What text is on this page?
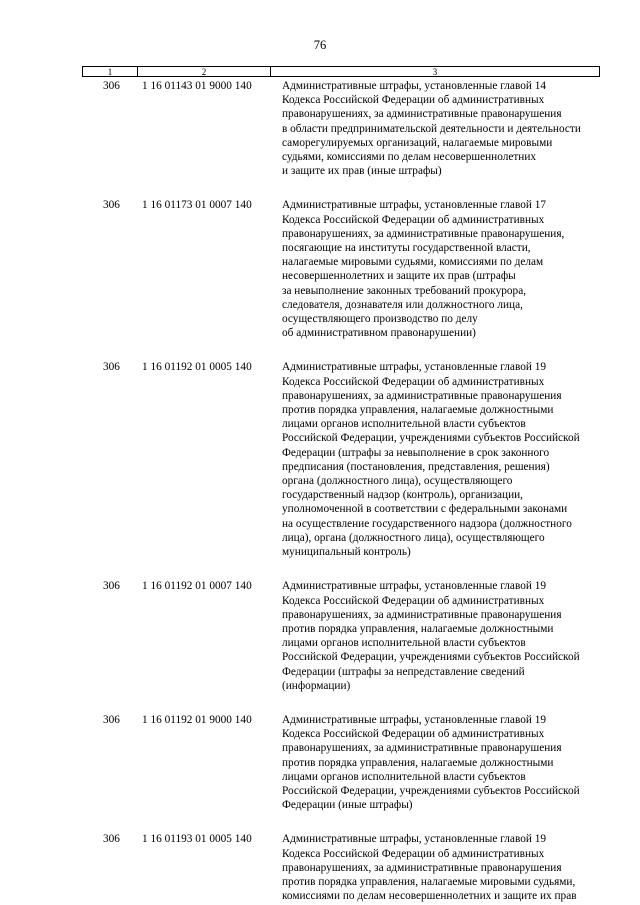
76
1	2	3
306	1 16 01143 01 9000 140	Административные штрафы, установленные главой 14
Кодекса Российской Федерации об административных
правонарушениях, за административные правонарушения
в области предпринимательской деятельности и деятельности
саморегулируемых организаций, налагаемые мировыми
судьями, комиссиями по делам несовершеннолетних
и защите их прав (иные штрафы)
306	1 16 01173 01 0007 140	Административные штрафы, установленные главой 17
Кодекса Российской Федерации об административных
правонарушениях, за административные правонарушения,
посягающие на институты государственной власти,
налагаемые мировыми судьями, комиссиями по делам
несовершеннолетних и защите их прав (штрафы
за невыполнение законных требований прокурора,
следователя, дознавателя или должностного лица,
осуществляющего производство по делу
об административном правонарушении)
306	1 16 01192 01 0005 140	Административные штрафы, установленные главой 19
Кодекса Российской Федерации об административных
правонарушениях, за административные правонарушения
против порядка управления, налагаемые должностными
лицами органов исполнительной власти субъектов
Российской Федерации, учреждениями субъектов Российской
Федерации (штрафы за невыполнение в срок законного
предписания (постановления, представления, решения)
органа (должностного лица), осуществляющего
государственный надзор (контроль), организации,
уполномоченной в соответствии с федеральными законами
на осуществление государственного надзора (должностного
лица), органа (должностного лица), осуществляющего
муниципальный контроль)
306	1 16 01192 01 0007 140	Административные штрафы, установленные главой 19
Кодекса Российской Федерации об административных
правонарушениях, за административные правонарушения
против порядка управления, налагаемые должностными
лицами органов исполнительной власти субъектов
Российской Федерации, учреждениями субъектов Российской
Федерации (штрафы за непредставление сведений
(информации)
306	1 16 01192 01 9000 140	Административные штрафы, установленные главой 19
Кодекса Российской Федерации об административных
правонарушениях, за административные правонарушения
против порядка управления, налагаемые должностными
лицами органов исполнительной власти субъектов
Российской Федерации, учреждениями субъектов Российской
Федерации (иные штрафы)
306	1 16 01193 01 0005 140	Административные штрафы, установленные главой 19
Кодекса Российской Федерации об административных
правонарушениях, за административные правонарушения
против порядка управления, налагаемые мировыми судьями,
комиссиями по делам несовершеннолетних и защите их прав
